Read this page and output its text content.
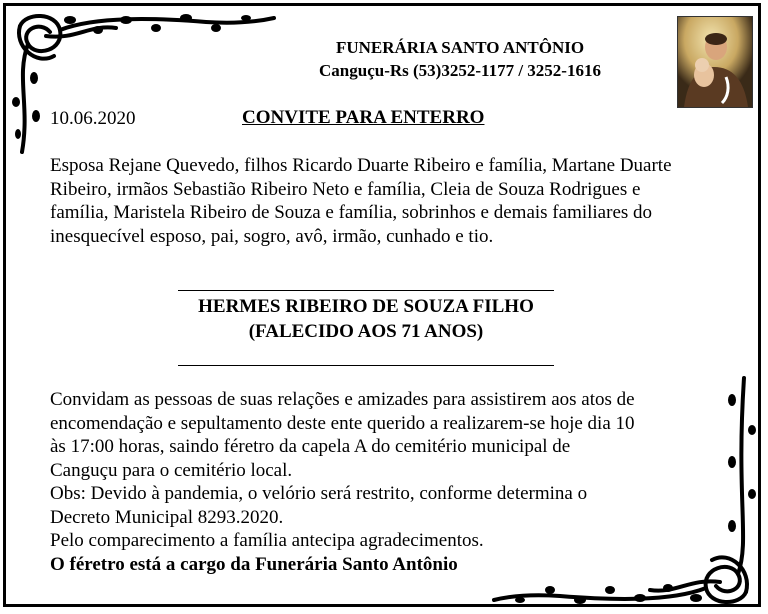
FUNERÁRIA SANTO ANTÔNIO
Canguçu-Rs (53)3252-1177 / 3252-1616
10.06.2020	CONVITE PARA ENTERRO
Esposa Rejane Quevedo, filhos Ricardo Duarte Ribeiro e família, Martane Duarte Ribeiro, irmãos Sebastião Ribeiro Neto e família, Cleia de Souza Rodrigues e família, Maristela Ribeiro de Souza e família, sobrinhos e demais familiares do inesquecível esposo, pai, sogro, avô, irmão, cunhado e tio.
HERMES RIBEIRO DE SOUZA FILHO
(FALECIDO AOS 71 ANOS)
Convidam as pessoas de suas relações e amizades para assistirem aos atos de
encomendação e sepultamento deste ente querido a realizarem-se hoje dia 10
às 17:00 horas, saindo féretro da capela A do cemitério municipal de
Canguçu para o cemitério local.
Obs: Devido à pandemia, o velório será restrito, conforme determina o
Decreto Municipal 8293.2020.
Pelo comparecimento a família antecipa agradecimentos.
O féretro está a cargo da Funerária Santo Antônio
